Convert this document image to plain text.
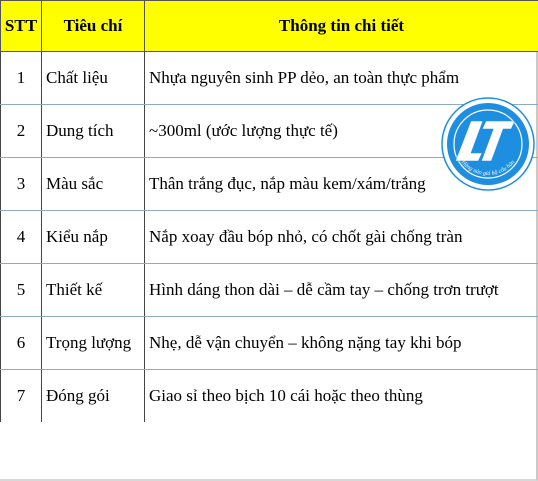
STT	Tiêu chí	Thông tin chi tiết
1	Chất liệu	Nhựa nguyên sinh PP dẻo, an toàn thực phẩm
2	Dung tích	~300ml (ước lượng thực tế)
3	Màu sắc	Thân trắng đục, nắp màu kem/xám/trắng
4	Kiểu nắp	Nắp xoay đầu bóp nhỏ, có chốt gài chống tràn
5	Thiết kế	Hình dáng thon dài – dễ cầm tay – chống trơn trượt
6	Trọng lượng	Nhẹ, dễ vận chuyển – không nặng tay khi bóp
7	Đóng gói	Giao sỉ theo bịch 10 cái hoặc theo thùng
Hàng nào giá hộ cấu hàn
